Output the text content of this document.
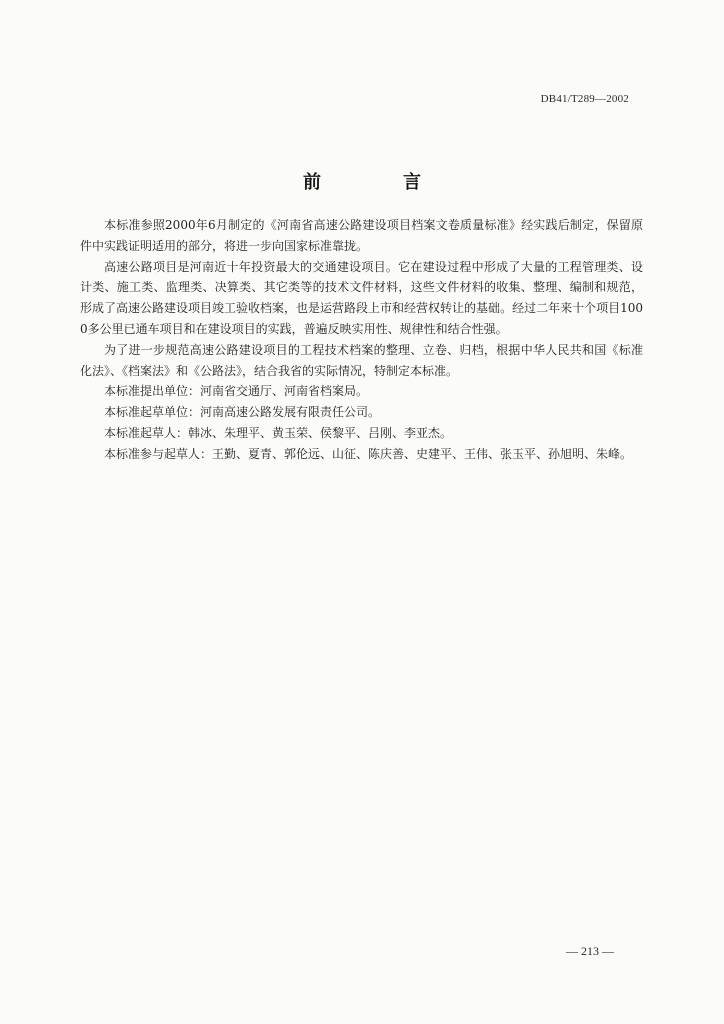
DB41/T289—2002
前　言

本标准参照2000年6月制定的《河南省高速公路建设项目档案文卷质量标准》经实践后制定，保留原件中实践证明适用的部分，将进一步向国家标准靠拢。

高速公路项目是河南近十年投资最大的交通建设项目。它在建设过程中形成了大量的工程管理类、设计类、施工类、监理类、决算类、其它类等的技术文件材料，这些文件材料的收集、整理、编制和规范，形成了高速公路建设项目竣工验收档案，也是运营路段上市和经营权转让的基础。经过二年来十个项目1000多公里已通车项目和在建设项目的实践，普遍反映实用性、规律性和结合性强。

为了进一步规范高速公路建设项目的工程技术档案的整理、立卷、归档，根据中华人民共和国《标准化法》、《档案法》和《公路法》，结合我省的实际情况，特制定本标准。

本标准提出单位：河南省交通厅、河南省档案局。

本标准起草单位：河南高速公路发展有限责任公司。

本标准起草人：韩冰、朱理平、黄玉荣、侯黎平、吕刚、李亚杰。

本标准参与起草人：王勤、夏青、郭伦远、山征、陈庆善、史建平、王伟、张玉平、孙旭明、朱峰。

— 213 —
